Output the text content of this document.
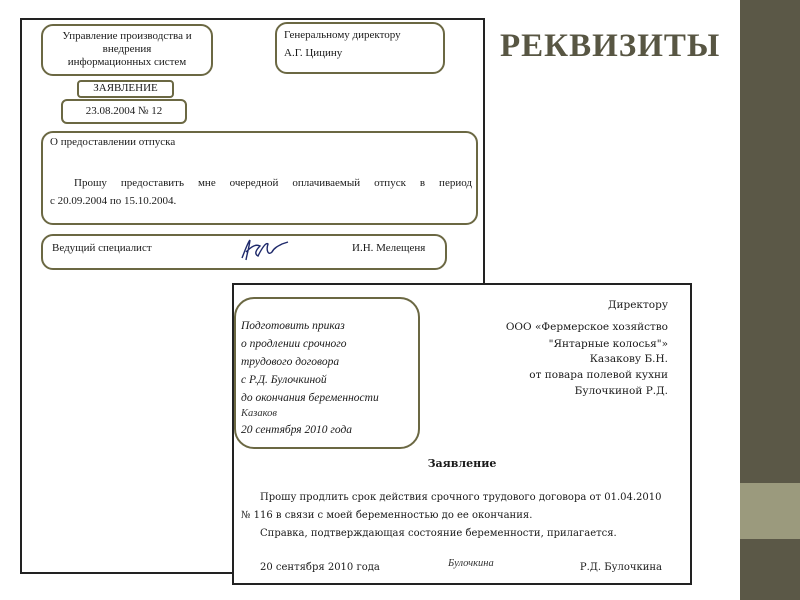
РЕКВИЗИТЫ
Управление производства и
внедрения
информационных систем
Генеральному директору
А.Г. Цицину
ЗАЯВЛЕНИЕ
23.08.2004 № 12
О предоставлении отпуска
Прошу предоставить мне очередной оплачиваемый отпуск в период
с 20.09.2004 по 15.10.2004.
Ведущий специалист	И.Н. Мелещеня
Подготовить приказ
о продлении срочного
трудового договора
с Р.Д. Булочкиной
до окончания беременности
Казаков
20 сентября 2010 года
Директору
ООО «Фермерское хозяйство
"Янтарные колосья"»
Казакову Б.Н.
от повара полевой кухни
Булочкиной Р.Д.
Заявление
Прошу продлить срок действия срочного трудового договора от 01.04.2010
№ 116 в связи с моей беременностью до ее окончания.
Справка, подтверждающая состояние беременности, прилагается.
20 сентября 2010 года	Булочкина	Р.Д. Булочкина
